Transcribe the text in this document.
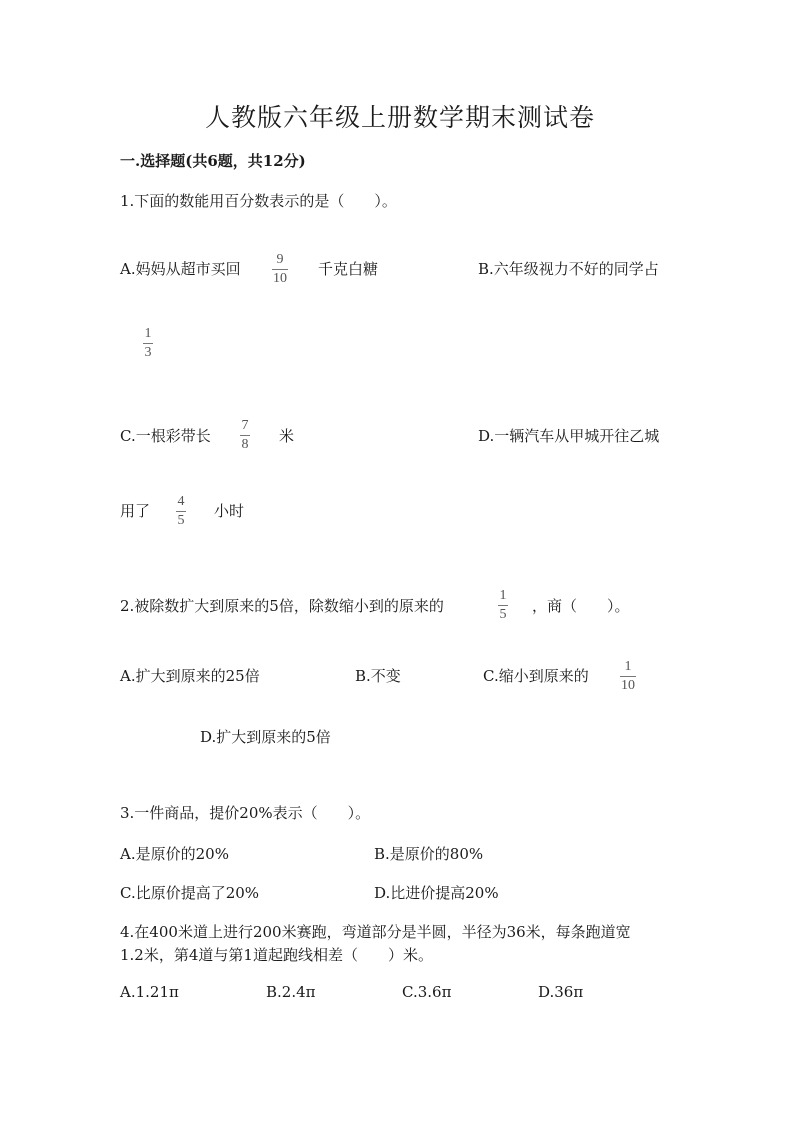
人教版六年级上册数学期末测试卷
一.选择题(共6题，共12分)
1.下面的数能用百分数表示的是（　　）。
A.妈妈从超市买回
9
10
千克白糖	B.六年级视力不好的同学占
1
3
C.一根彩带长
7
8 米	D.一辆汽车从甲城开往乙城
用了
4
5
小时
2.被除数扩大到原来的5倍，除数缩小到的原来的
1
5 ，商（　　）。
A.扩大到原来的25倍	B.不变	C.缩小到原来的
1
10
D.扩大到原来的5倍
3.一件商品，提价20%表示（　　）。
A.是原价的20%	B.是原价的80%
C.比原价提高了20%	D.比进价提高20%
4.在400米道上进行200米赛跑，弯道部分是半圆，半径为36米，每条跑道宽
1.2米，第4道与第1道起跑线相差（　　）米。
A.1.21π	B.2.4π	C.3.6π	D.36π
